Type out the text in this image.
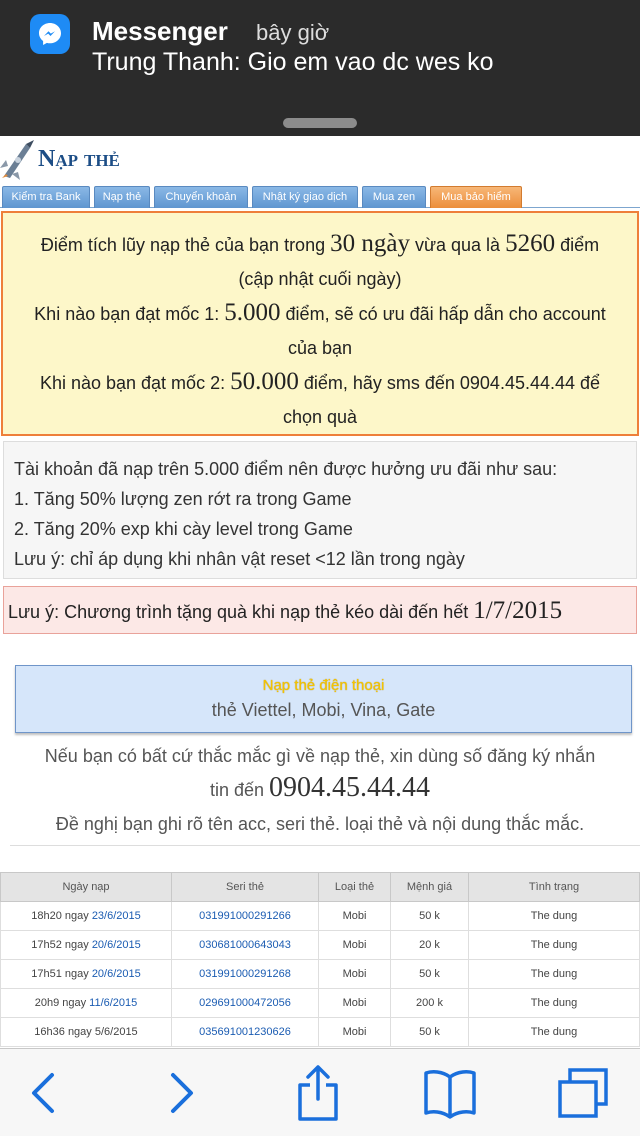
Messenger bây giờ
Trung Thanh: Gio em vao dc wes ko
Nạp thẻ
Kiểm tra Bank	Nạp thẻ	Chuyển khoản	Nhật ký giao dịch	Mua zen	Mua bảo hiểm
Điểm tích lũy nạp thẻ của bạn trong 30 ngày vừa qua là 5260 điểm
(cập nhật cuối ngày)
Khi nào bạn đạt mốc 1: 5.000 điểm, sẽ có ưu đãi hấp dẫn cho account
của bạn
Khi nào bạn đạt mốc 2: 50.000 điểm, hãy sms đến 0904.45.44.44 để
chọn quà
Tài khoản đã nạp trên 5.000 điểm nên được hưởng ưu đãi như sau:
1. Tăng 50% lượng zen rớt ra trong Game
2. Tăng 20% exp khi cày level trong Game
Lưu ý: chỉ áp dụng khi nhân vật reset <12 lần trong ngày
Lưu ý: Chương trình tặng quà khi nạp thẻ kéo dài đến hết 1/7/2015
Nạp thẻ điện thoại
thẻ Viettel, Mobi, Vina, Gate
Nếu bạn có bất cứ thắc mắc gì về nạp thẻ, xin dùng số đăng ký nhắn
tin đến 0904.45.44.44
Đề nghị bạn ghi rõ tên acc, seri thẻ. loại thẻ và nội dung thắc mắc.
Ngày nạp	Seri thẻ	Loại thẻ	Mệnh giá	Tình trạng
18h20 ngay 23/6/2015	031991000291266	Mobi	50 k	The dung
17h52 ngay 20/6/2015	030681000643043	Mobi	20 k	The dung
17h51 ngay 20/6/2015	031991000291268	Mobi	50 k	The dung
20h9 ngay 11/6/2015	029691000472056	Mobi	200 k	The dung
16h36 ngay 5/6/2015	035691001230626	Mobi	50 k	The dung
